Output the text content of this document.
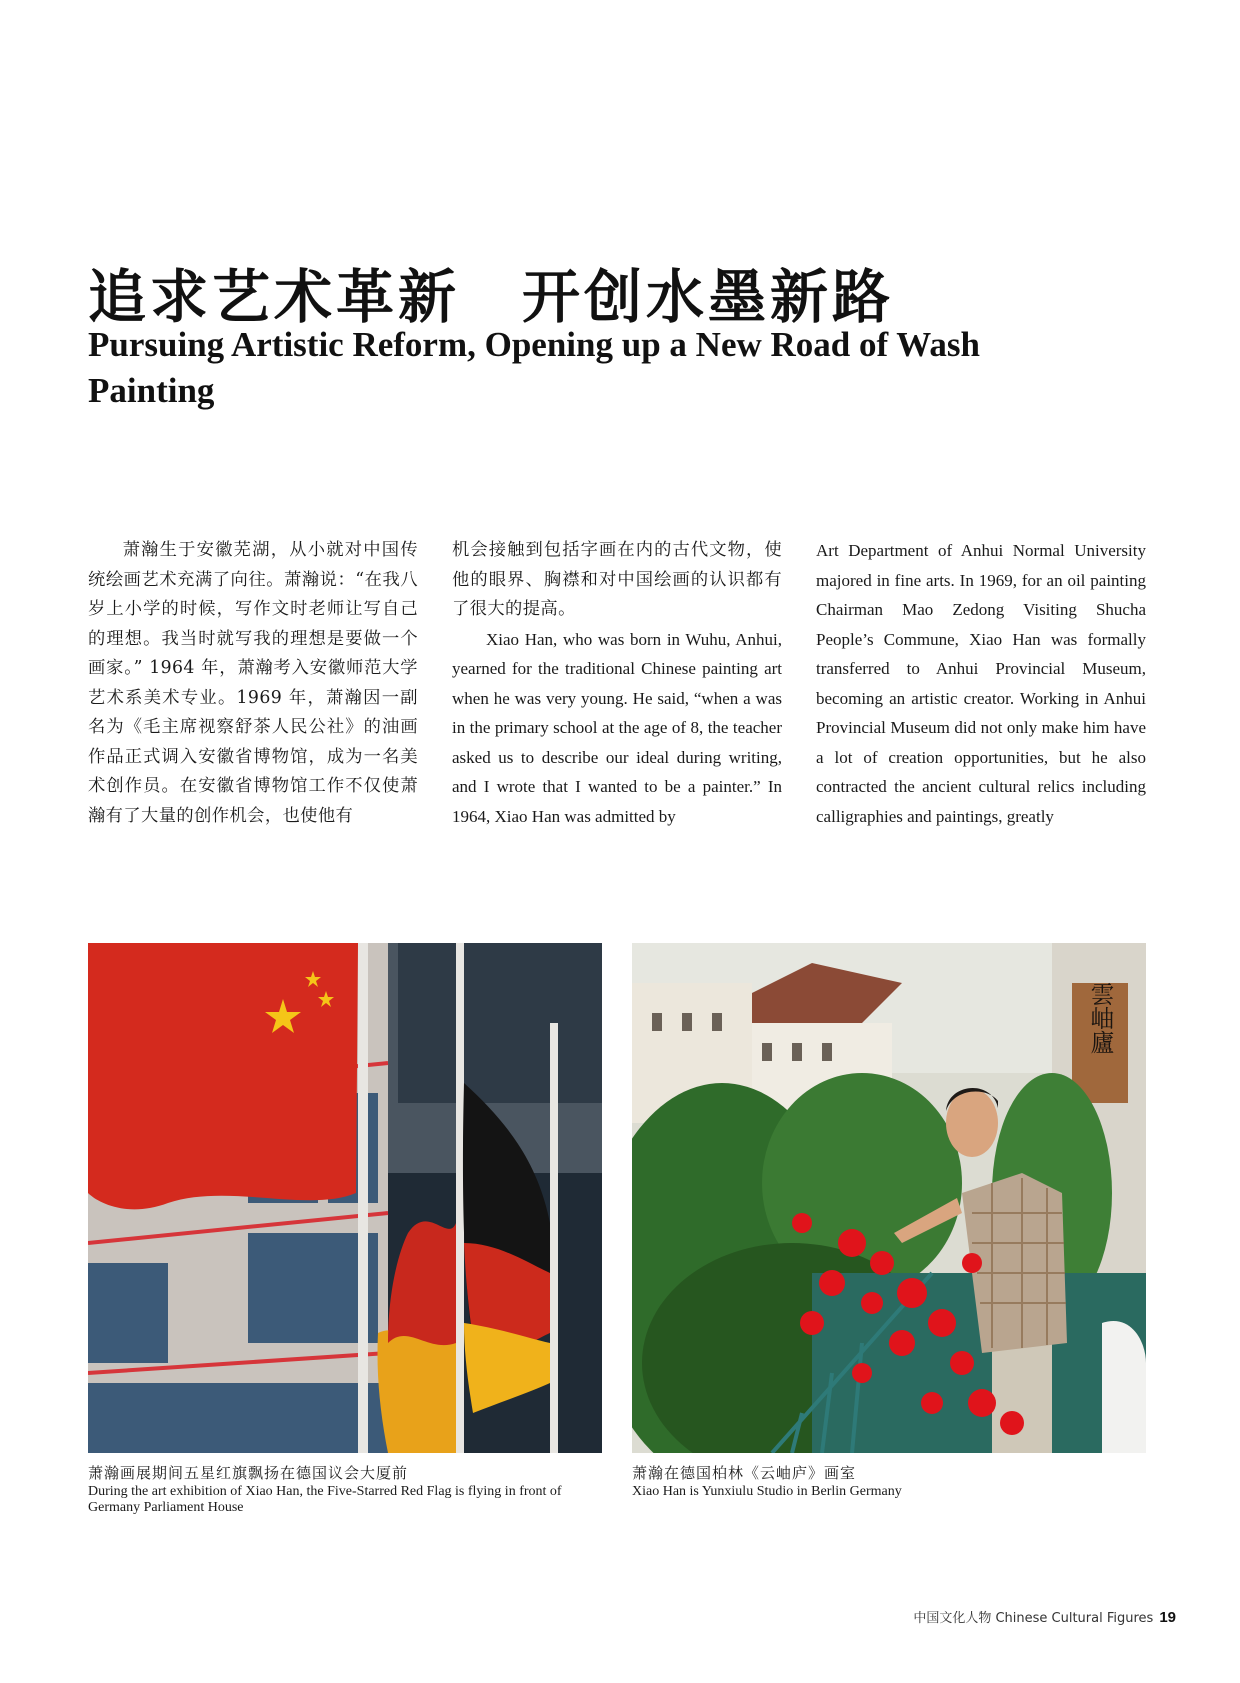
追求艺术革新　开创水墨新路
Pursuing Artistic Reform, Opening up a New Road of Wash Painting

萧瀚生于安徽芜湖，从小就对中国传统绘画艺术充满了向往。萧瀚说：“在我八岁上小学的时候，写作文时老师让写自己的理想。我当时就写我的理想是要做一个画家。” 1964 年，萧瀚考入安徽师范大学艺术系美术专业。1969 年，萧瀚因一副名为《毛主席视察舒茶人民公社》的油画作品正式调入安徽省博物馆，成为一名美术创作员。在安徽省博物馆工作不仅使萧瀚有了大量的创作机会，也使他有

机会接触到包括字画在内的古代文物，使他的眼界、胸襟和对中国绘画的认识都有了很大的提高。

Xiao Han, who was born in Wuhu, Anhui, yearned for the traditional Chinese painting art when he was very young. He said, “when a was in the primary school at the age of 8, the teacher asked us to describe our ideal during writing, and I wrote that I wanted to be a painter.” In 1964, Xiao Han was admitted by

Art Department of Anhui Normal University majored in fine arts. In 1969, for an oil painting Chairman Mao Zedong Visiting Shucha People’s Commune, Xiao Han was formally transferred to Anhui Provincial Museum, becoming an artistic creator. Working in Anhui Provincial Museum did not only make him have a lot of creation opportunities, but he also contracted the ancient cultural relics including calligraphies and paintings, greatly

雲岫廬
萧瀚画展期间五星红旗飘扬在德国议会大厦前
During the art exhibition of Xiao Han, the Five-Starred Red Flag is flying in front of Germany Parliament House
萧瀚在德国柏林《云岫庐》画室
Xiao Han is Yunxiulu Studio in Berlin Germany
中国文化人物 Chinese Cultural Figures 19
